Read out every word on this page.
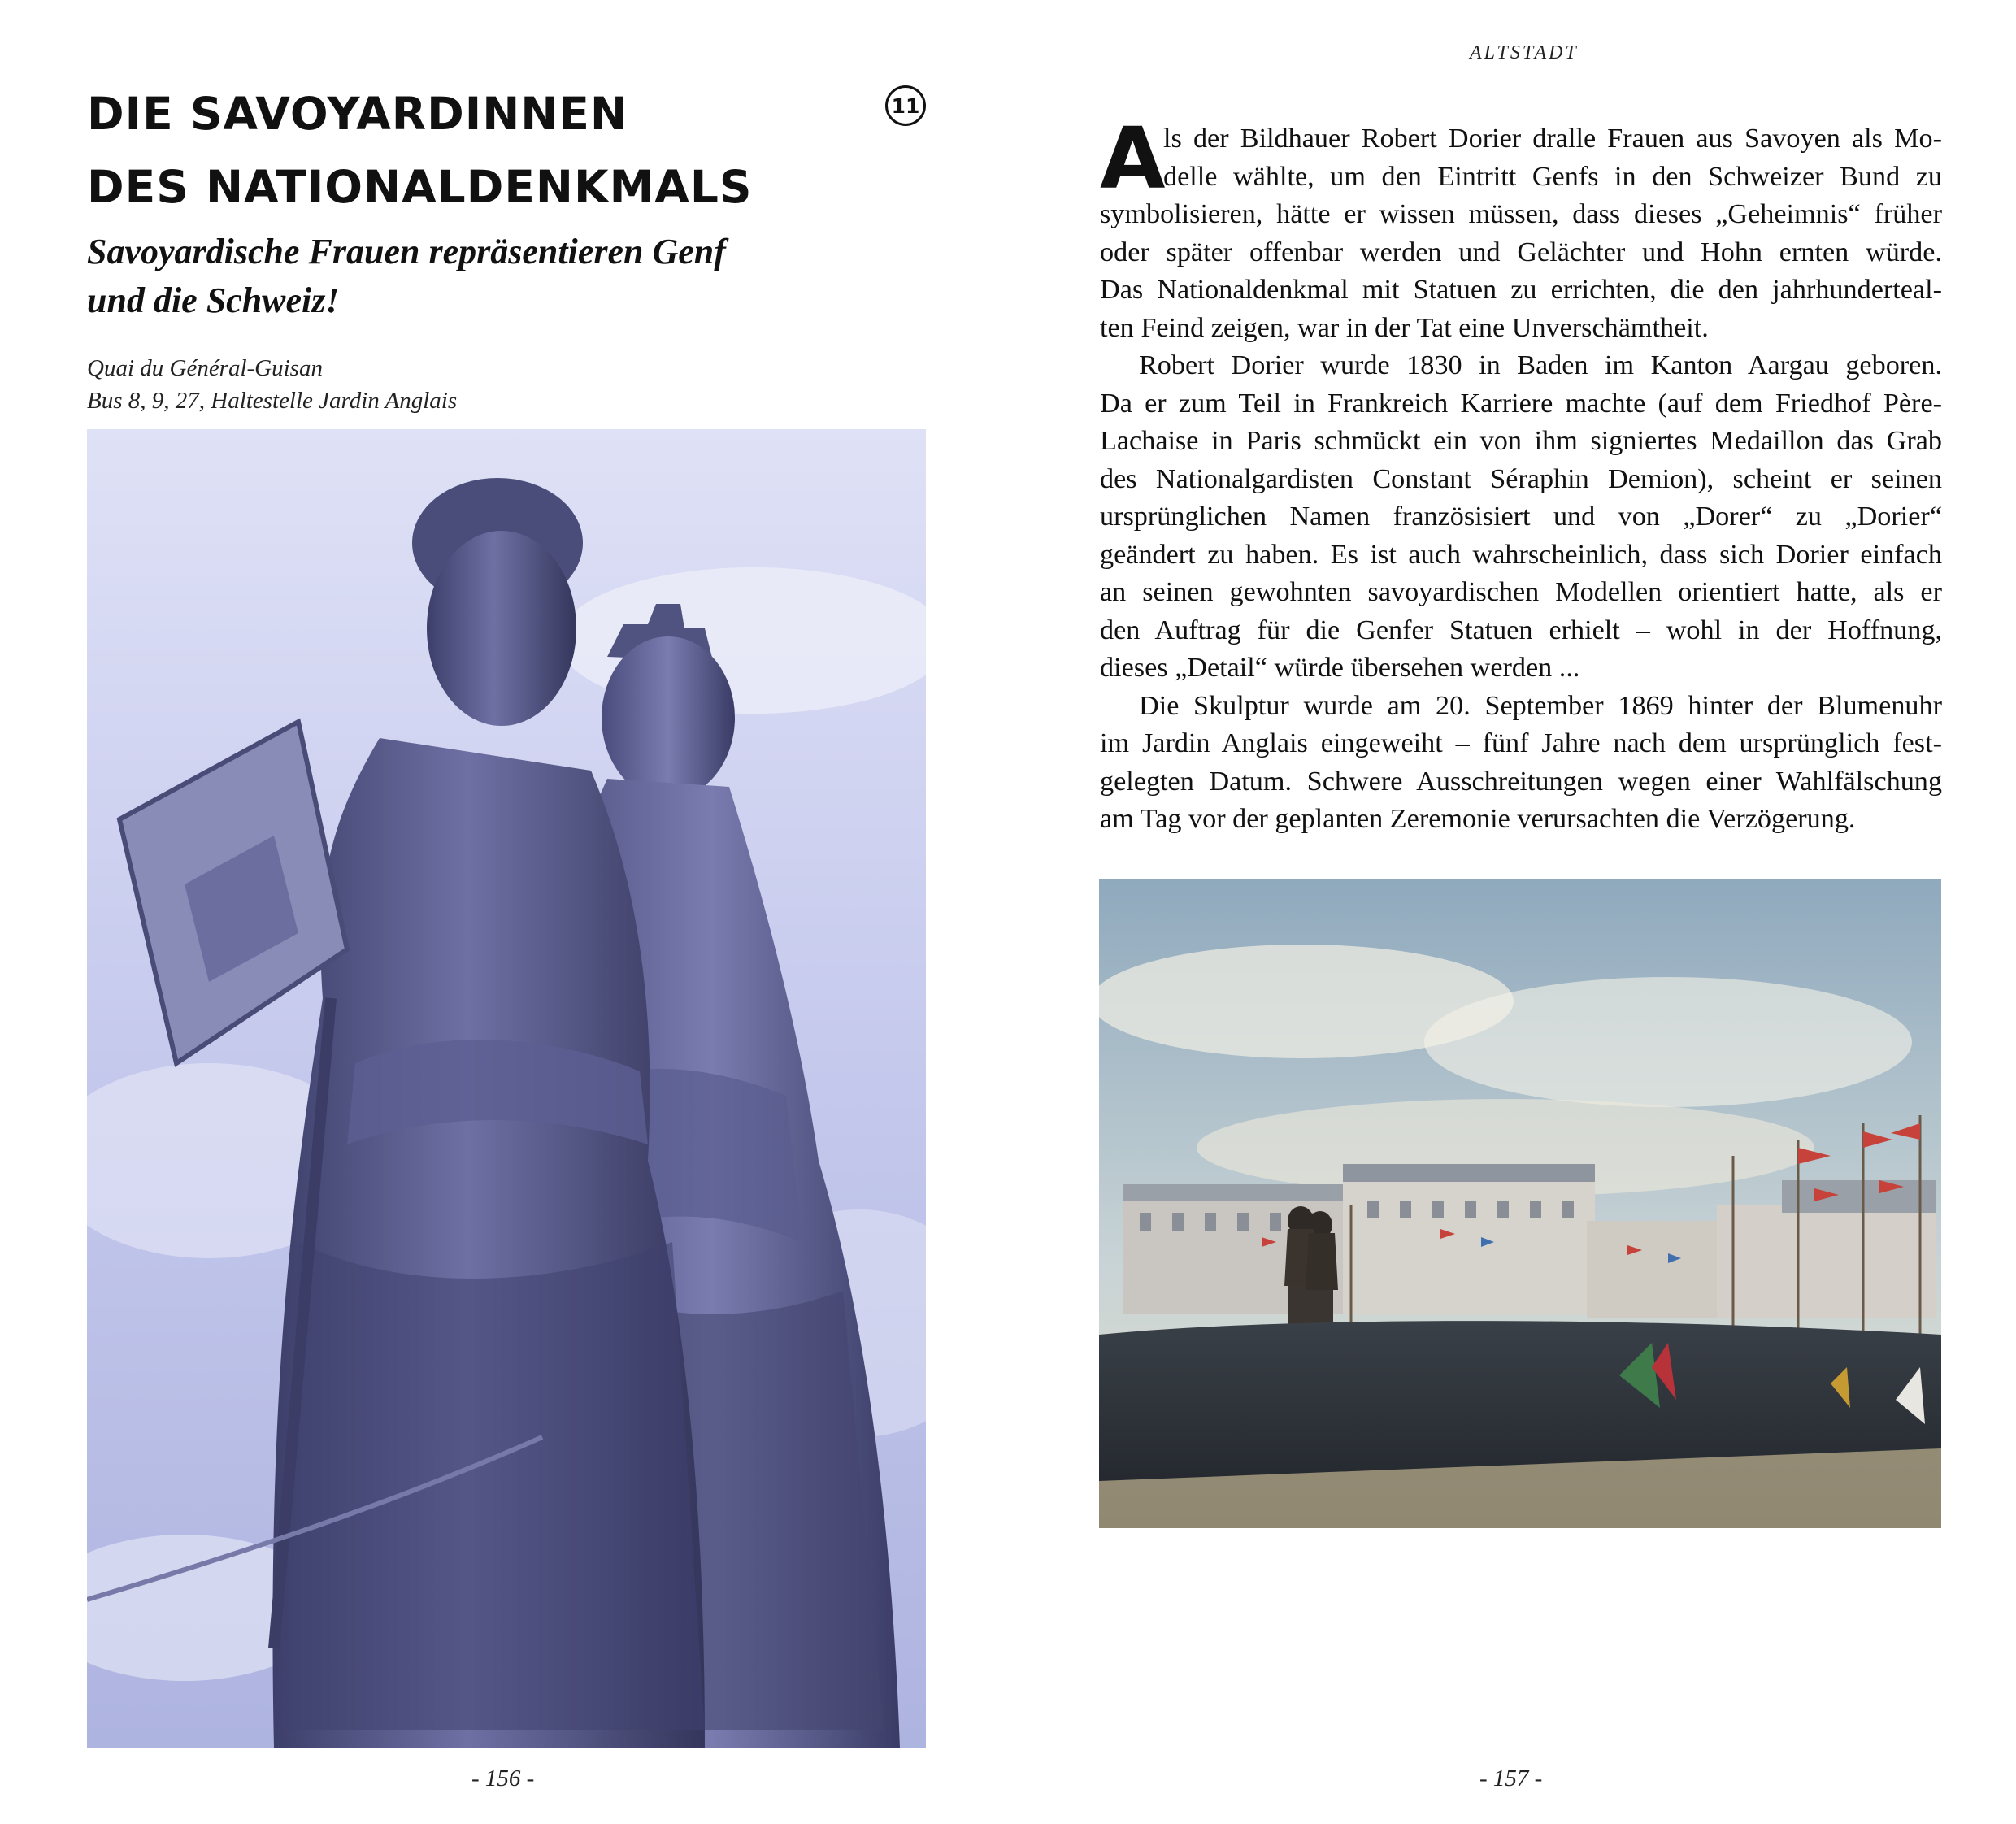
DIE SAVOYARDINNEN
DES NATIONALDENKMALS
11
Savoyardische Frauen repräsentieren Genf
und die Schweiz!
Quai du Général-Guisan
Bus 8, 9, 27, Haltestelle Jardin Anglais
- 156 -
ALTSTADT
A

ls der Bildhauer Robert Dorier dralle Frauen aus Savoyen als Mo-
delle wählte, um den Eintritt Genfs in den Schweizer Bund zu
symbolisieren, hätte er wissen müssen, dass dieses „Geheimnis“ früher
oder später offenbar werden und Gelächter und Hohn ernten würde.
Das Nationaldenkmal mit Statuen zu errichten, die den jahrhunderteal-
ten Feind zeigen, war in der Tat eine Unverschämtheit.

Robert Dorier wurde 1830 in Baden im Kanton Aargau geboren.
Da er zum Teil in Frankreich Karriere machte (auf dem Friedhof Père-
Lachaise in Paris schmückt ein von ihm signiertes Medaillon das Grab
des Nationalgardisten Constant Séraphin Demion), scheint er seinen
ursprünglichen Namen französisiert und von „Dorer“ zu „Dorier“
geändert zu haben. Es ist auch wahrscheinlich, dass sich Dorier einfach
an seinen gewohnten savoyardischen Modellen orientiert hatte, als er
den Auftrag für die Genfer Statuen erhielt – wohl in der Hoffnung,
dieses „Detail“ würde übersehen werden ...

Die Skulptur wurde am 20. September 1869 hinter der Blumenuhr
im Jardin Anglais eingeweiht – fünf Jahre nach dem ursprünglich fest-
gelegten Datum. Schwere Ausschreitungen wegen einer Wahlfälschung
am Tag vor der geplanten Zeremonie verursachten die Verzögerung.

- 157 -
